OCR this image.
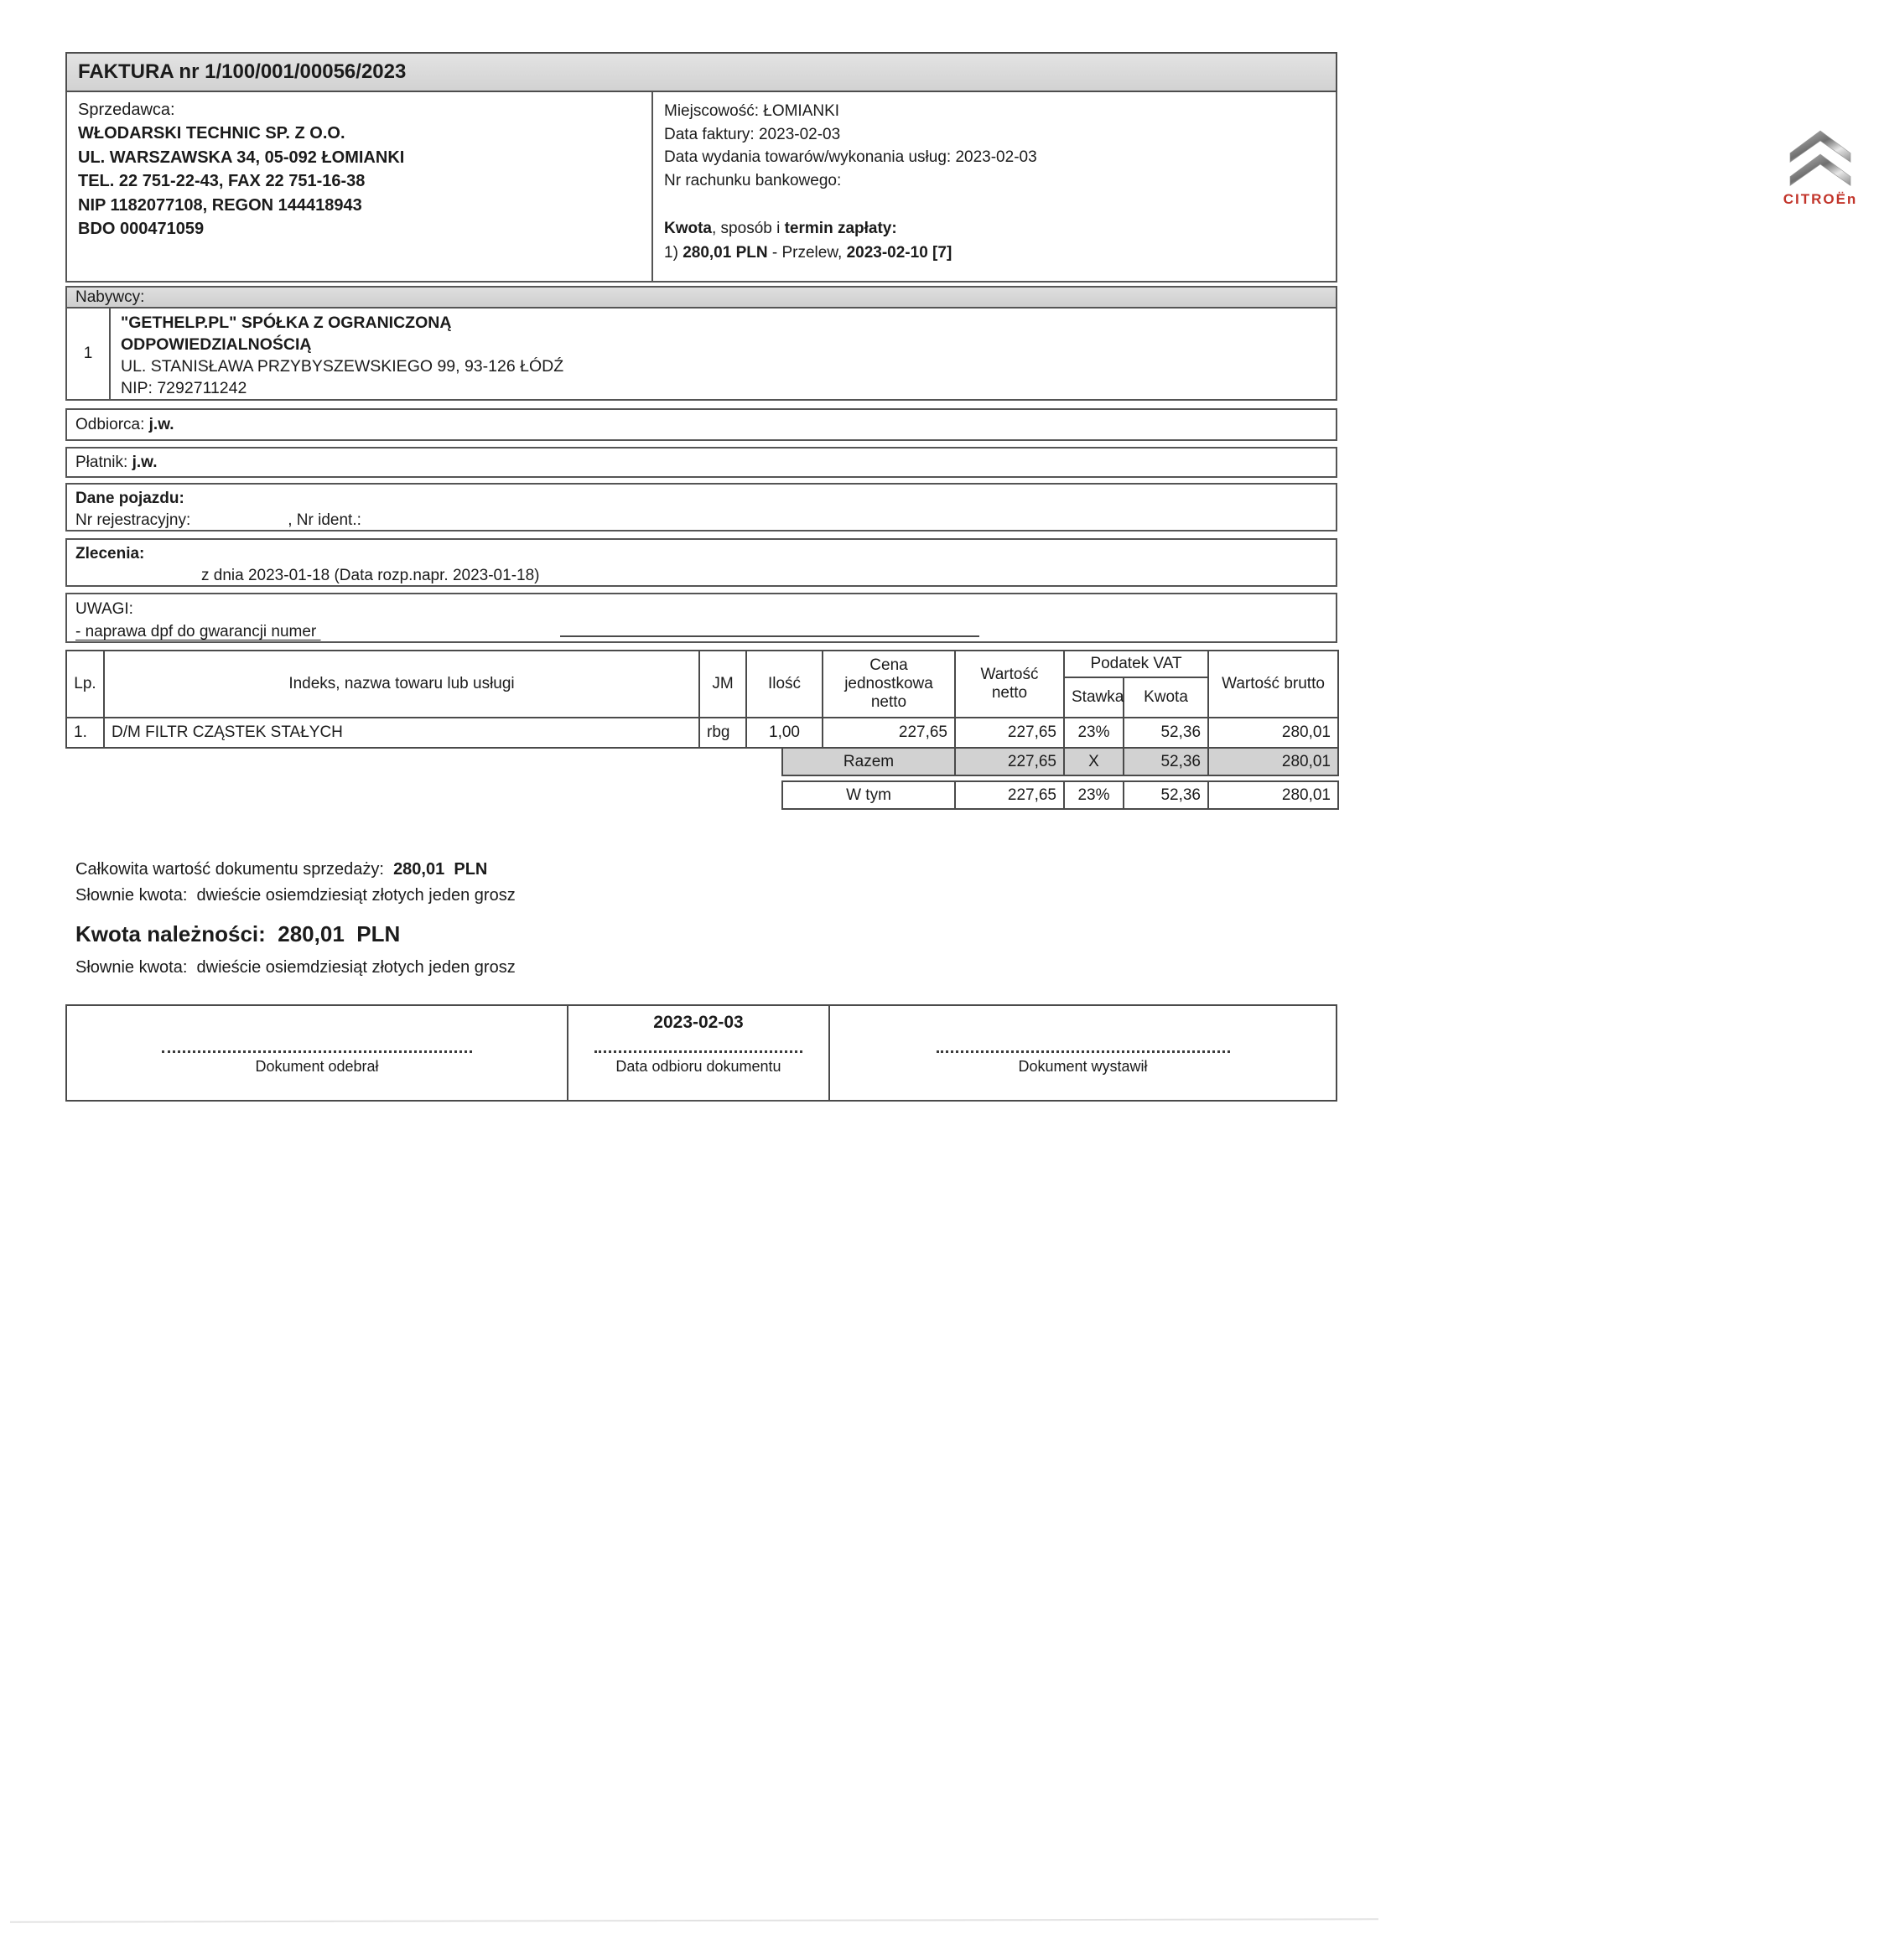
FAKTURA nr 1/100/001/00056/2023
Sprzedawca:
WŁODARSKI TECHNIC SP. Z O.O.
UL. WARSZAWSKA 34, 05-092 ŁOMIANKI
TEL. 22 751-22-43, FAX 22 751-16-38
NIP 1182077108, REGON 144418943
BDO 000471059
Miejscowość: ŁOMIANKI
Data faktury: 2023-02-03
Data wydania towarów/wykonania usług: 2023-02-03
Nr rachunku bankowego:
Kwota, sposób i termin zapłaty:
1) 280,01 PLN - Przelew, 2023-02-10 [7]
CITROËn
Nabywcy:
1
"GETHELP.PL" SPÓŁKA Z OGRANICZONĄ
ODPOWIEDZIALNOŚCIĄ
UL. STANISŁAWA PRZYBYSZEWSKIEGO 99, 93-126 ŁÓDŹ
NIP: 7292711242
Odbiorca: j.w.
Płatnik: j.w.
Dane pojazdu:
Nr rejestracyjny:	, Nr ident.:
Zlecenia:
z dnia 2023-01-18 (Data rozp.napr. 2023-01-18)
UWAGI:
- naprawa dpf do gwarancji numer
Lp.	Indeks, nazwa towaru lub usługi	JM	Ilość	Cena jednostkowa netto	Wartość netto	Podatek VAT		Wartość brutto
						Stawka	Kwota	
1.	D/M FILTR CZĄSTEK STAŁYCH	rbg	1,00	227,65	227,65	23%	52,36	280,01
Razem	227,65	X	52,36	280,01
W tym	227,65	23%	52,36	280,01
Całkowita wartość dokumentu sprzedaży:  280,01  PLN
Słownie kwota:  dwieście osiemdziesiąt złotych jeden grosz
Kwota należności:  280,01  PLN
Słownie kwota:  dwieście osiemdziesiąt złotych jeden grosz
Dokument odebrał
2023-02-03
Data odbioru dokumentu	Dokument wystawił
